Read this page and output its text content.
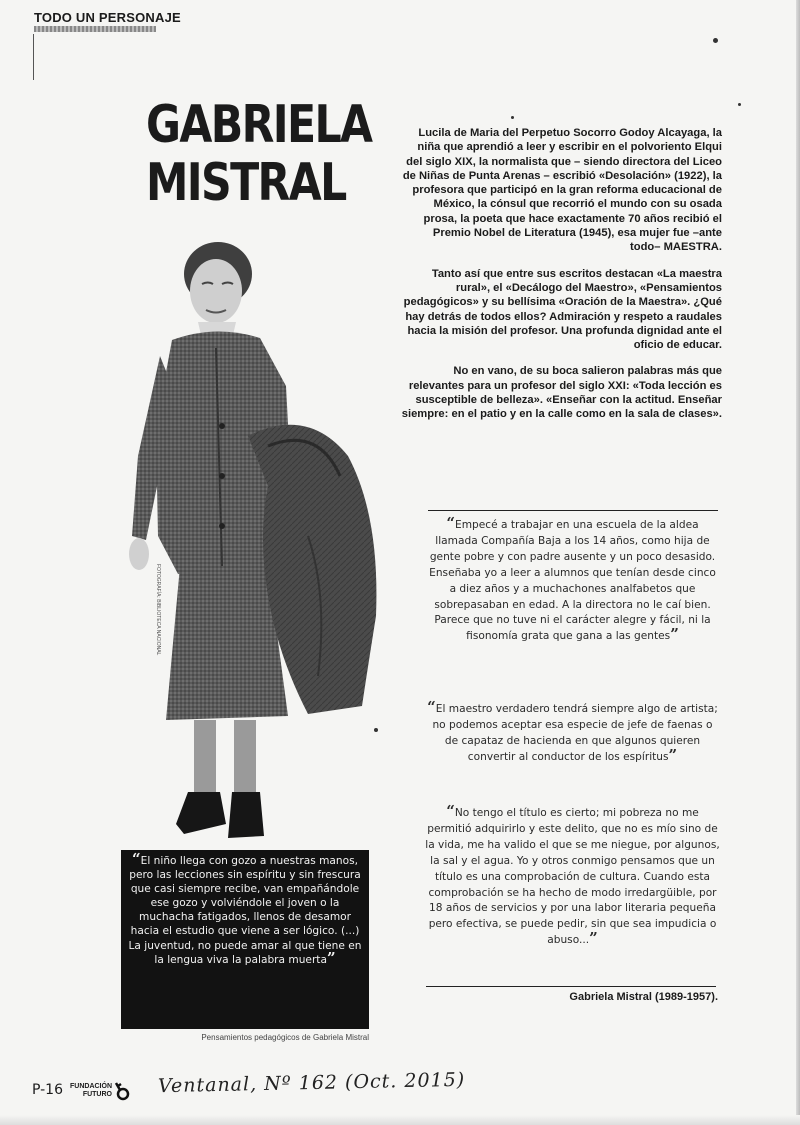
TODO UN PERSONAJE
GABRIELA
MISTRAL

Lucila de Maria del Perpetuo Socorro Godoy Alcayaga, la niña que aprendió a leer y escribir en el polvoriento Elqui del siglo XIX, la normalista que – siendo directora del Liceo de Niñas de Punta Arenas – escribió «Desolación» (1922), la profesora que participó en la gran reforma educacional de México, la cónsul que recorrió el mundo con su osada prosa, la poeta que hace exactamente 70 años recibió el Premio Nobel de Literatura (1945), esa mujer fue –ante todo– MAESTRA.

Tanto así que entre sus escritos destacan «La maestra rural», el «Decálogo del Maestro», «Pensamientos pedagógicos» y su bellísima «Oración de la Maestra». ¿Qué hay detrás de todos ellos? Admiración y respeto a raudales hacia la misión del profesor. Una profunda dignidad ante el oficio de educar.

No en vano, de su boca salieron palabras más que relevantes para un profesor del siglo XXI: «Toda lección es susceptible de belleza». «Enseñar con la actitud. Enseñar siempre: en el patio y en la calle como en la sala de clases».

FOTOGRAFÍA: BIBLIOTECA NACIONAL
“Empecé a trabajar en una escuela de la aldea llamada Compañía Baja a los 14 años, como hija de gente pobre y con padre ausente y un poco desasido. Enseñaba yo a leer a alumnos que tenían desde cinco a diez años y a muchachones analfabetos que sobrepasaban en edad. A la directora no le caí bien. Parece que no tuve ni el carácter alegre y fácil, ni la fisonomía grata que gana a las gentes”
“El maestro verdadero tendrá siempre algo de artista; no podemos aceptar esa especie de jefe de faenas o de capataz de hacienda en que algunos quieren convertir al conductor de los espíritus”
“No tengo el título es cierto; mi pobreza no me permitió adquirirlo y este delito, que no es mío sino de la vida, me ha valido el que se me niegue, por algunos, la sal y el agua. Yo y otros conmigo pensamos que un título es una comprobación de cultura. Cuando esta comprobación se ha hecho de modo irredargüible, por 18 años de servicios y por una labor literaria pequeña pero efectiva, se puede pedir, sin que sea impudicia o abuso...”
Gabriela Mistral (1989-1957).
“El niño llega con gozo a nuestras manos, pero las lecciones sin espíritu y sin frescura que casi siempre recibe, van empañándole ese gozo y volviéndole el joven o la muchacha fatigados, llenos de desamor hacia el estudio que viene a ser lógico. (...) La juventud, no puede amar al que tiene en la lengua viva la palabra muerta”
Pensamientos pedagógicos de Gabriela Mistral
P-16 FUNDACIÓN
FUTURO Ventanal, Nº 162 (Oct. 2015)
